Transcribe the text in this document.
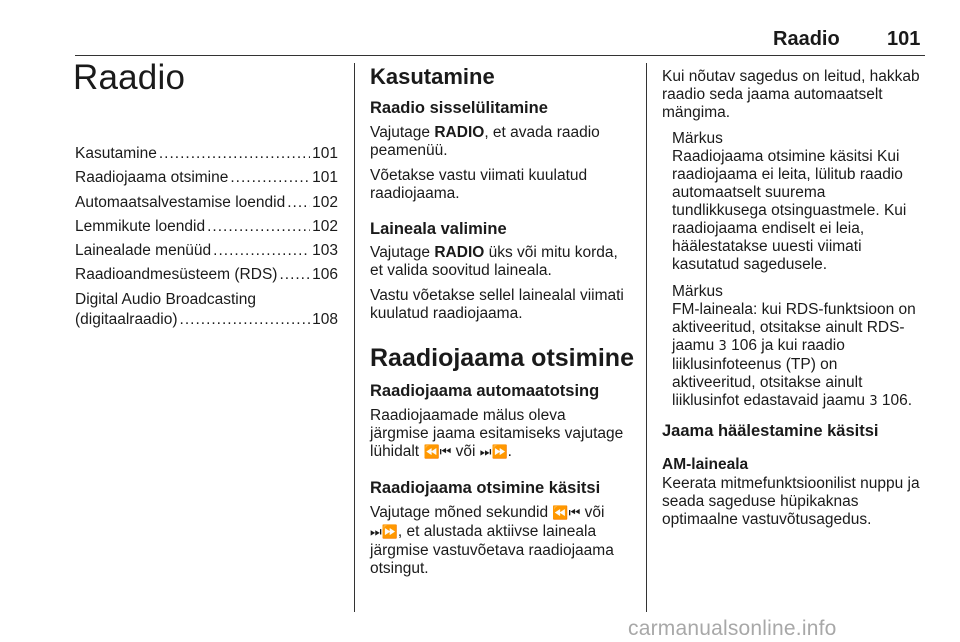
Raadio 101
Raadio
Kasutamine .....	101
Raadiojaama otsimine .....	101
Automaatsalvestamise loendid ..... 102
Lemmikute loendid .....	102
Lainealade menüüd .....	103
Raadioandmesüsteem (RDS) ..... 106
Digital Audio Broadcasting
(digitaalraadio) .....	108
Kasutamine
Raadio sisselülitamine

Vajutage RADIO, et avada raadio
peamenüü.

Võetakse vastu viimati kuulatud
raadiojaama.

Laineala valimine

Vajutage RADIO üks või mitu korda,
et valida soovitud laineala.

Vastu võetakse sellel lainealal viimati
kuulatud raadiojaama.

Raadiojaama otsimine
Raadiojaama automaatotsing

Raadiojaamade mälus oleva
järgmise jaama esitamiseks vajutage
lühidalt ⏪⏮ või ⏭⏩.

Raadiojaama otsimine käsitsi

Vajutage mõned sekundid ⏪⏮ või
⏭⏩, et alustada aktiivse laineala
järgmise vastuvõetava raadiojaama
otsingut.

Kui nõutav sagedus on leitud, hakkab
raadio seda jaama automaatselt
mängima.

Märkus

Raadiojaama otsimine käsitsi Kui
raadiojaama ei leita, lülitub raadio
automaatselt suurema
tundlikkusega otsinguastmele. Kui
raadiojaama endiselt ei leia,
häälestatakse uuesti viimati
kasutatud sagedusele.

Märkus

FM-laineala: kui RDS-funktsioon on
aktiveeritud, otsitakse ainult RDS-
jaamu 3 106 ja kui raadio
liiklusinfoteenus (TP) on
aktiveeritud, otsitakse ainult
liiklusinfot edastavaid jaamu 3 106.

Jaama häälestamine käsitsi
AM-laineala

Keerata mitmefunktsioonilist nuppu ja
seada sageduse hüpikaknas
optimaalne vastuvõtusagedus.

carmanualsonline.info
